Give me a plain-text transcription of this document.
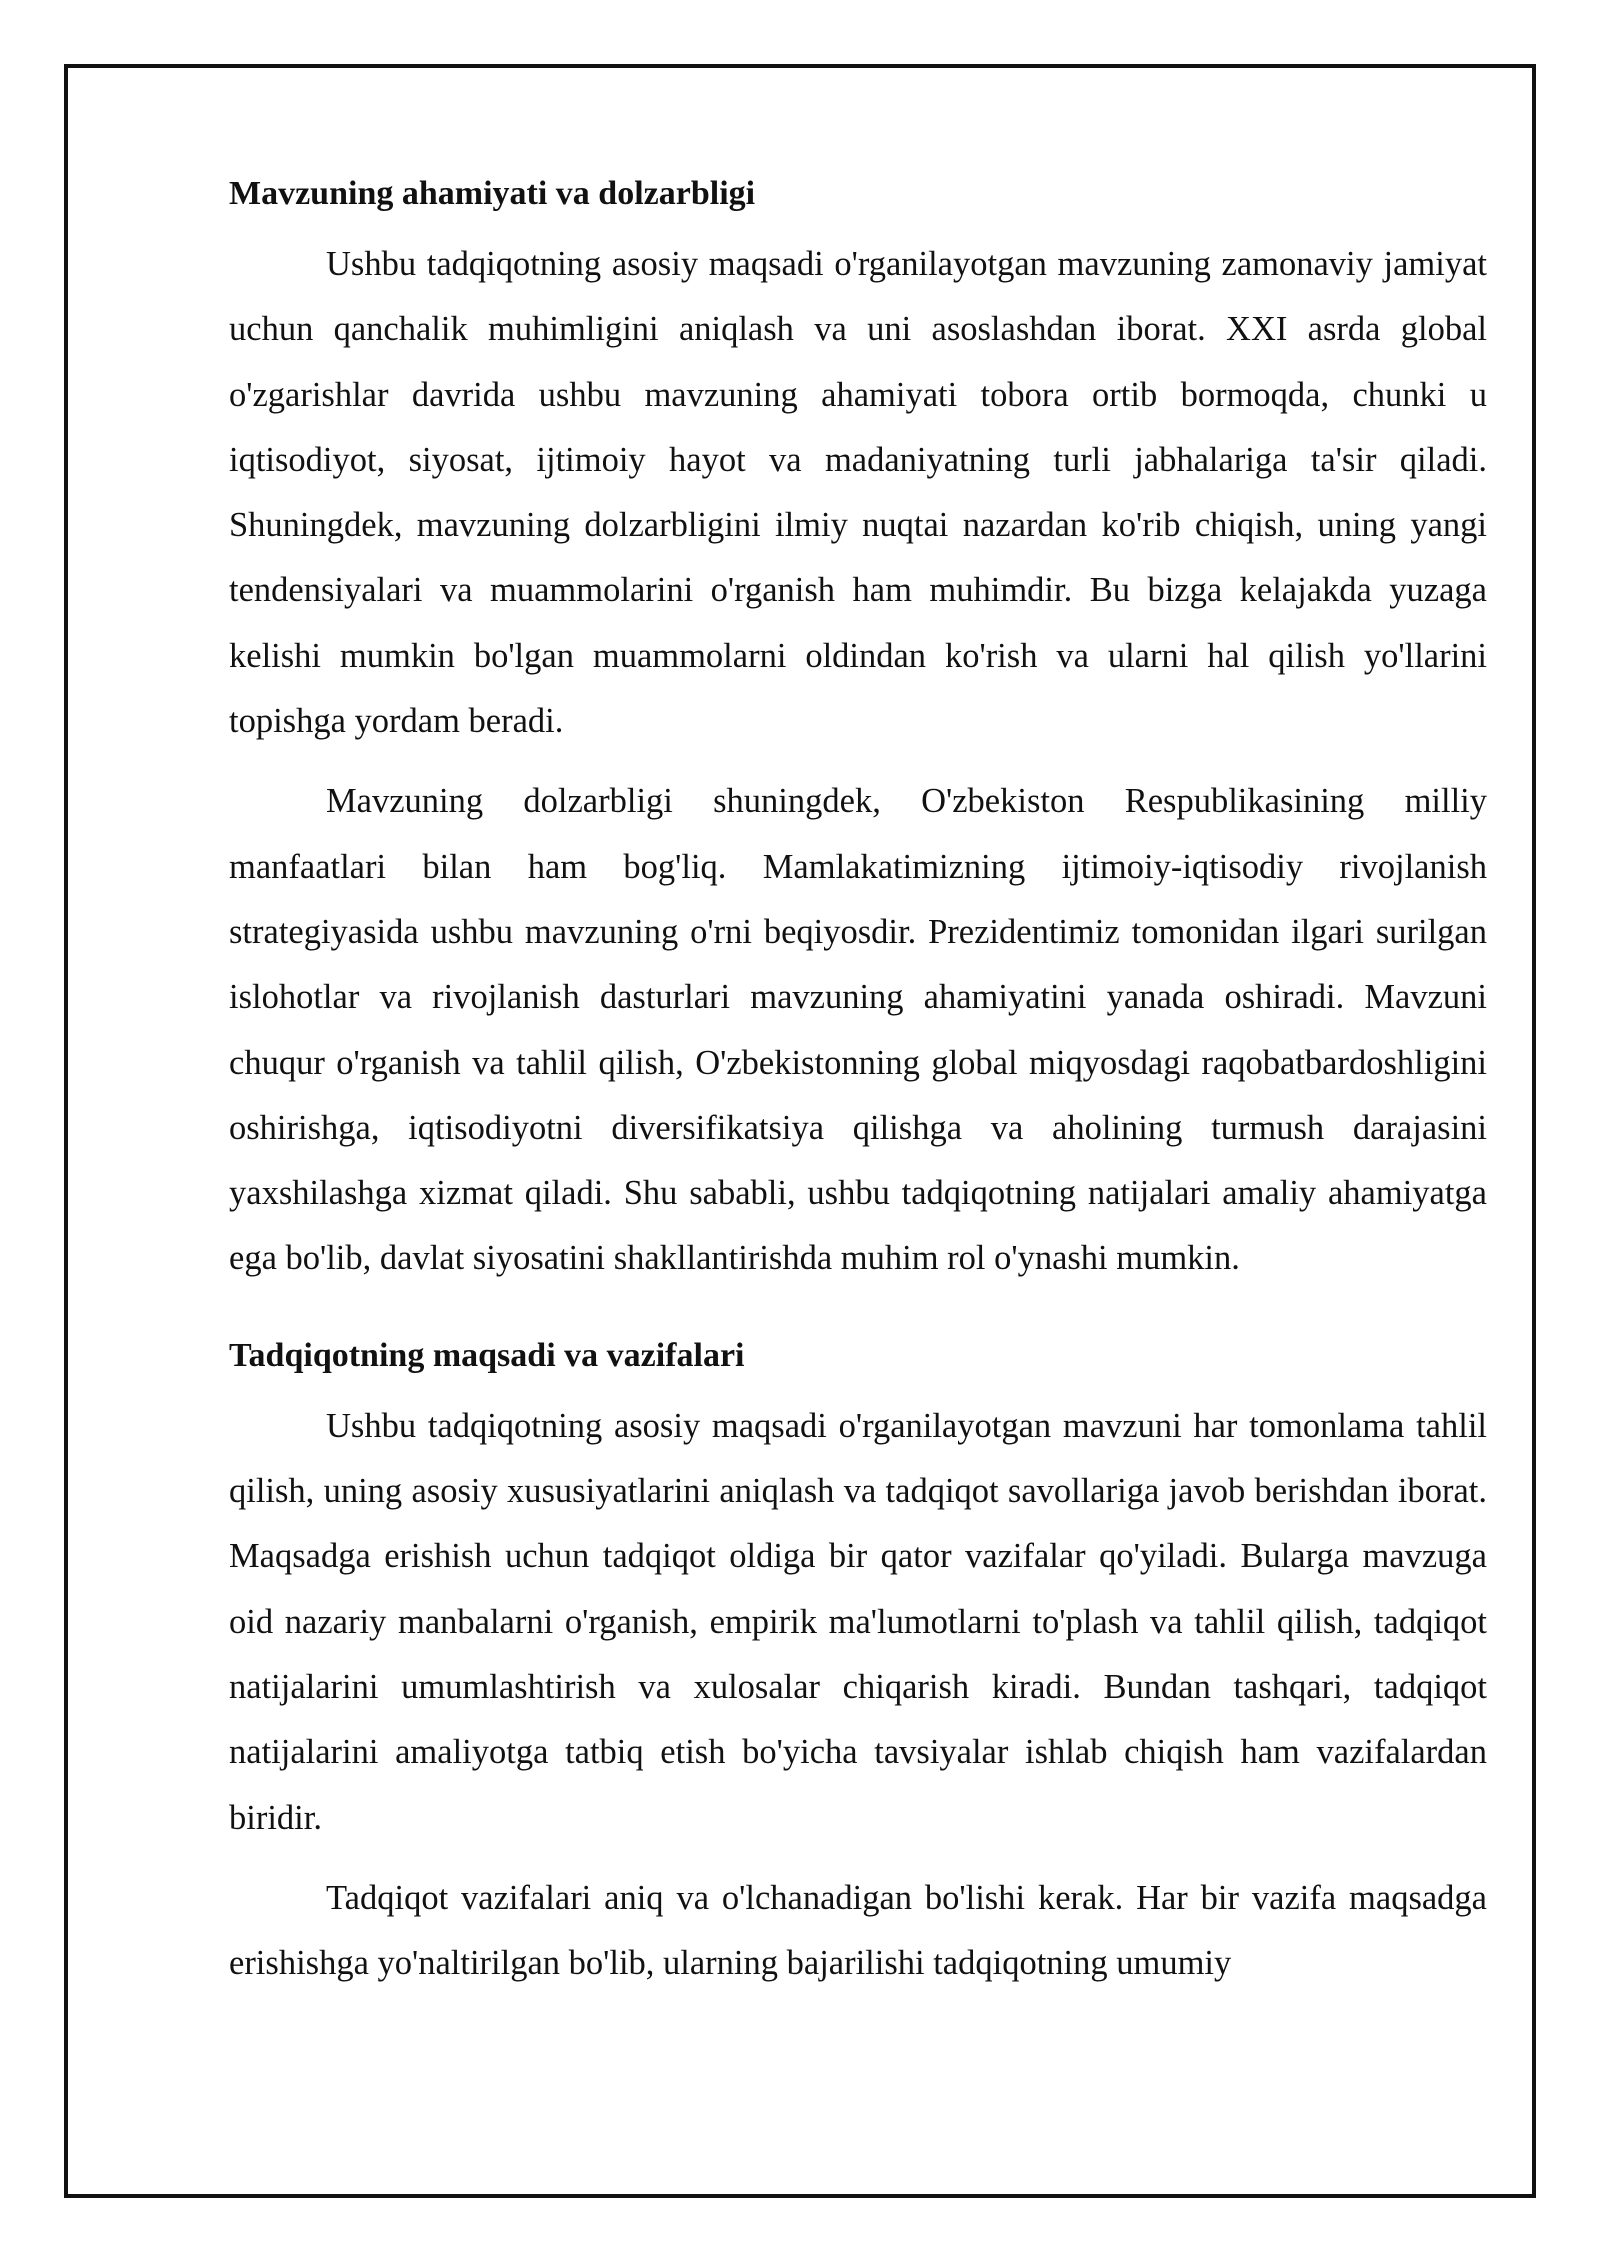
Mavzuning ahamiyati va dolzarbligi

Ushbu tadqiqotning asosiy maqsadi o'rganilayotgan mavzuning zamonaviy jamiyat uchun qanchalik muhimligini aniqlash va uni asoslashdan iborat. XXI asrda global o'zgarishlar davrida ushbu mavzuning ahamiyati tobora ortib bormoqda, chunki u iqtisodiyot, siyosat, ijtimoiy hayot va madaniyatning turli jabhalariga ta'sir qiladi. Shuningdek, mavzuning dolzarbligini ilmiy nuqtai nazardan ko'rib chiqish, uning yangi tendensiyalari va muammolarini o'rganish ham muhimdir. Bu bizga kelajakda yuzaga kelishi mumkin bo'lgan muammolarni oldindan ko'rish va ularni hal qilish yo'llarini topishga yordam beradi.

Mavzuning dolzarbligi shuningdek, O'zbekiston Respublikasining milliy manfaatlari bilan ham bog'liq. Mamlakatimizning ijtimoiy-iqtisodiy rivojlanish strategiyasida ushbu mavzuning o'rni beqiyosdir. Prezidentimiz tomonidan ilgari surilgan islohotlar va rivojlanish dasturlari mavzuning ahamiyatini yanada oshiradi. Mavzuni chuqur o'rganish va tahlil qilish, O'zbekistonning global miqyosdagi raqobatbardoshligini oshirishga, iqtisodiyotni diversifikatsiya qilishga va aholining turmush darajasini yaxshilashga xizmat qiladi. Shu sababli, ushbu tadqiqotning natijalari amaliy ahamiyatga ega bo'lib, davlat siyosatini shakllantirishda muhim rol o'ynashi mumkin.

Tadqiqotning maqsadi va vazifalari

Ushbu tadqiqotning asosiy maqsadi o'rganilayotgan mavzuni har tomonlama tahlil qilish, uning asosiy xususiyatlarini aniqlash va tadqiqot savollariga javob berishdan iborat. Maqsadga erishish uchun tadqiqot oldiga bir qator vazifalar qo'yiladi. Bularga mavzuga oid nazariy manbalarni o'rganish, empirik ma'lumotlarni to'plash va tahlil qilish, tadqiqot natijalarini umumlashtirish va xulosalar chiqarish kiradi. Bundan tashqari, tadqiqot natijalarini amaliyotga tatbiq etish bo'yicha tavsiyalar ishlab chiqish ham vazifalardan biridir.

Tadqiqot vazifalari aniq va o'lchanadigan bo'lishi kerak. Har bir vazifa maqsadga erishishga yo'naltirilgan bo'lib, ularning bajarilishi tadqiqotning umumiy
